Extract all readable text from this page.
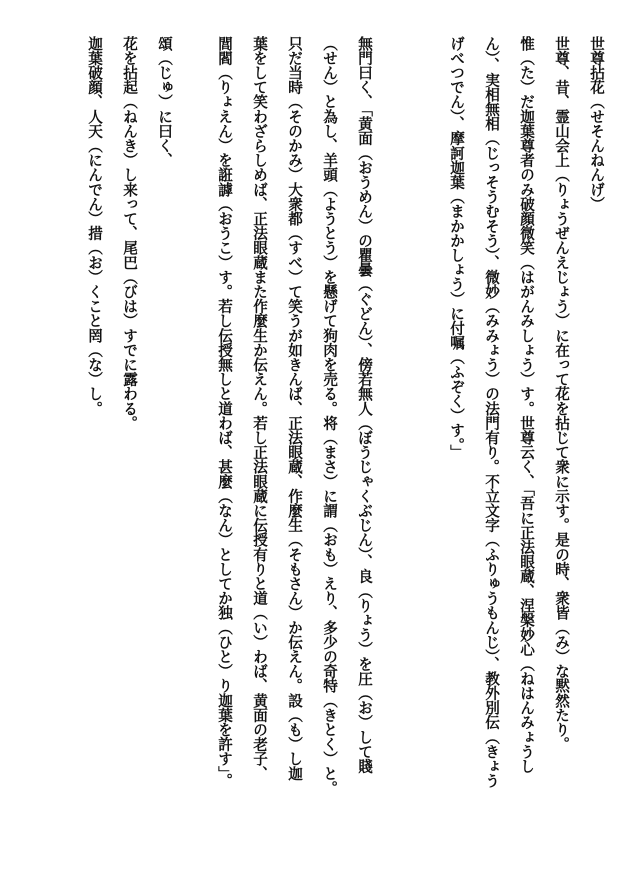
世尊拈花（せそんねんげ）
世尊、昔、霊山会上（りょうぜんえじょう）に在って花を拈じて衆に示す。是の時、衆皆（み）な黙然たり。
惟（た）だ迦葉尊者のみ破顔微笑（はがんみしょう）す。世尊云く、「吾に正法眼蔵、涅槃妙心（ねはんみょうし
ん）、実相無相（じっそうむそう）、微妙（みみょう）の法門有り。不立文字（ふりゅうもんじ）、教外別伝（きょう
げべつでん）、摩訶迦葉（まかかしょう）に付嘱（ふぞく）す。」
無門曰く、「黄面（おうめん）の瞿曇（ぐどん）、傍若無人（ぼうじゃくぶじん）、良（りょう）を圧（お）して賤
（せん）と為し、羊頭（ようとう）を懸げて狗肉を売る。将（まさ）に謂（おも）えり、多少の奇特（きとく）と。
只だ当時（そのかみ）大衆都（すべ）て笑うが如きんば、正法眼蔵、作麼生（そもさん）か伝えん。設（も）し迦
葉をして笑わざらしめば、正法眼蔵また作麼生か伝えん。若し正法眼蔵に伝授有りと道（い）わば、黄面の老子、
閭閻（りょえん）を誑謼（おうこ）す。若し伝授無しと道わば、甚麼（なん）としてか独（ひと）り迦葉を許す」。
頌（じゅ）に曰く、
花を拈起（ねんき）し来って、尾巴（びは）すでに露わる。
迦葉破顔、人天（にんでん）措（お）くこと罔（な）し。
